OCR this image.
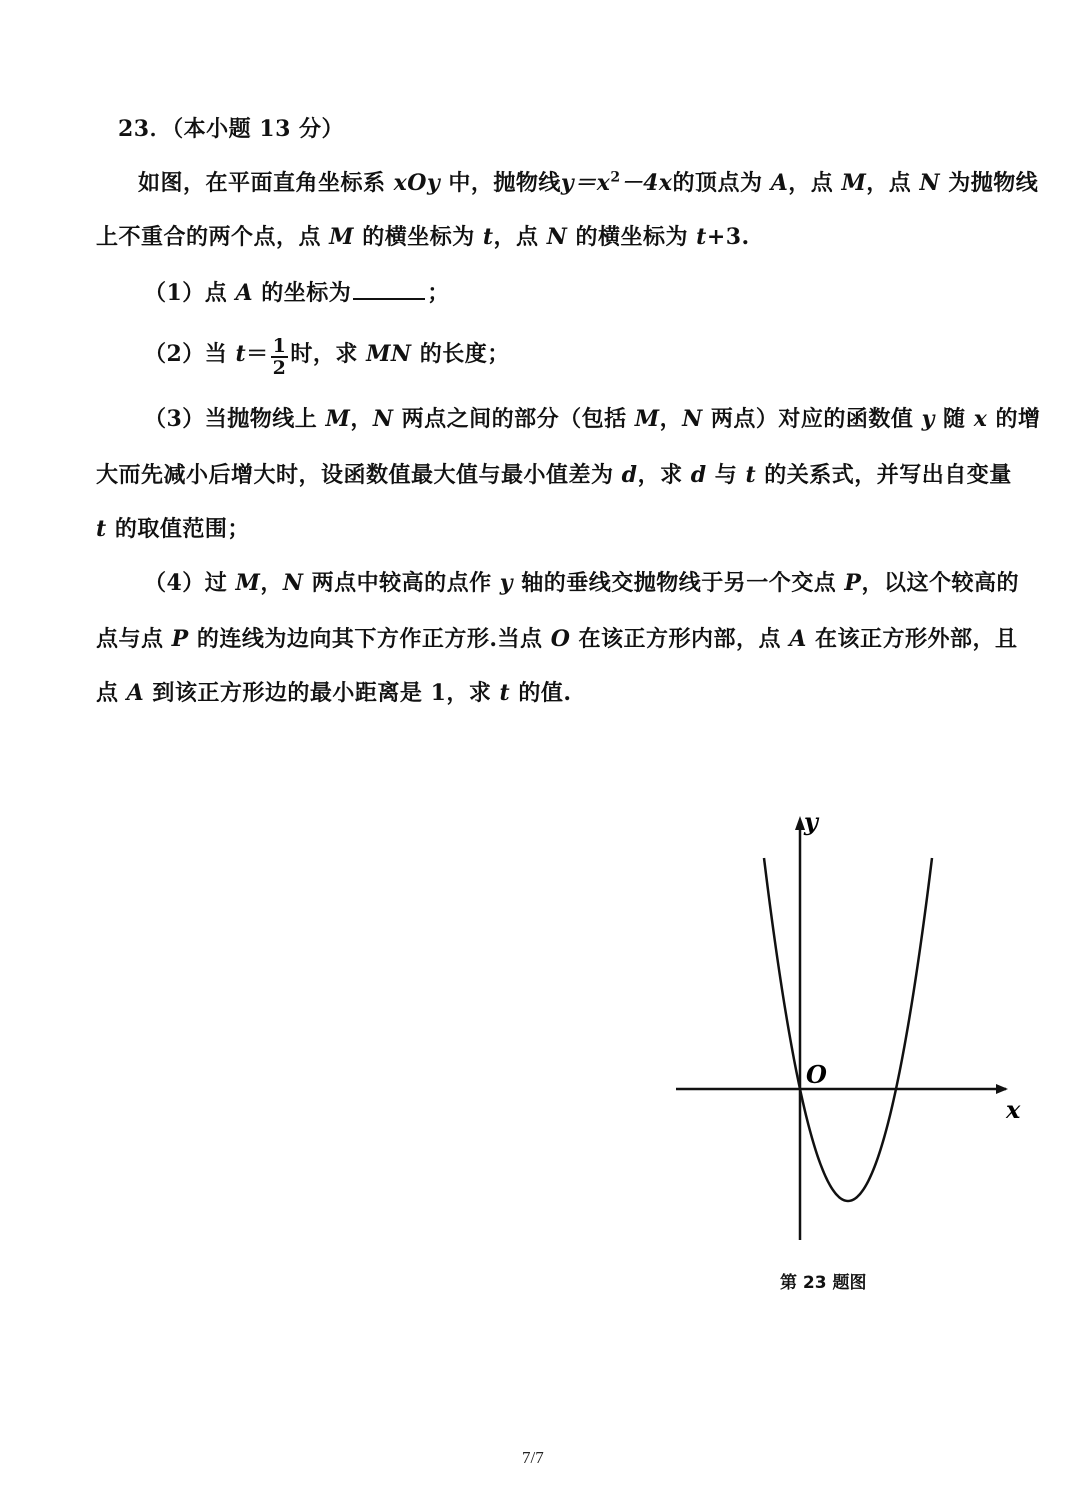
23．（本小题 13 分）
如图，在平面直角坐标系 xOy 中，抛物线$y=x^2-4x$的顶点为 A，点 M，点 N 为抛物线
上不重合的两个点，点 M 的横坐标为 t，点 N 的横坐标为 t+3.
（1）点 A 的坐标为	；
（2）当 $t= \frac{1}{2}$ 时，求 MN 的长度；
（3）当抛物线上 M，N 两点之间的部分（包括 M，N 两点）对应的函数值 y 随 x 的增
大而先减小后增大时，设函数值最大值与最小值差为 d，求 d 与 t 的关系式，并写出自变量
t 的取值范围；
（4）过 M，N 两点中较高的点作 y 轴的垂线交抛物线于另一个交点 P，以这个较高的
点与点 P 的连线为边向其下方作正方形.当点 O 在该正方形内部，点 A 在该正方形外部，且
点 A 到该正方形边的最小距离是 1，求 t 的值.
y
x
O
第 23 题图
7/7
